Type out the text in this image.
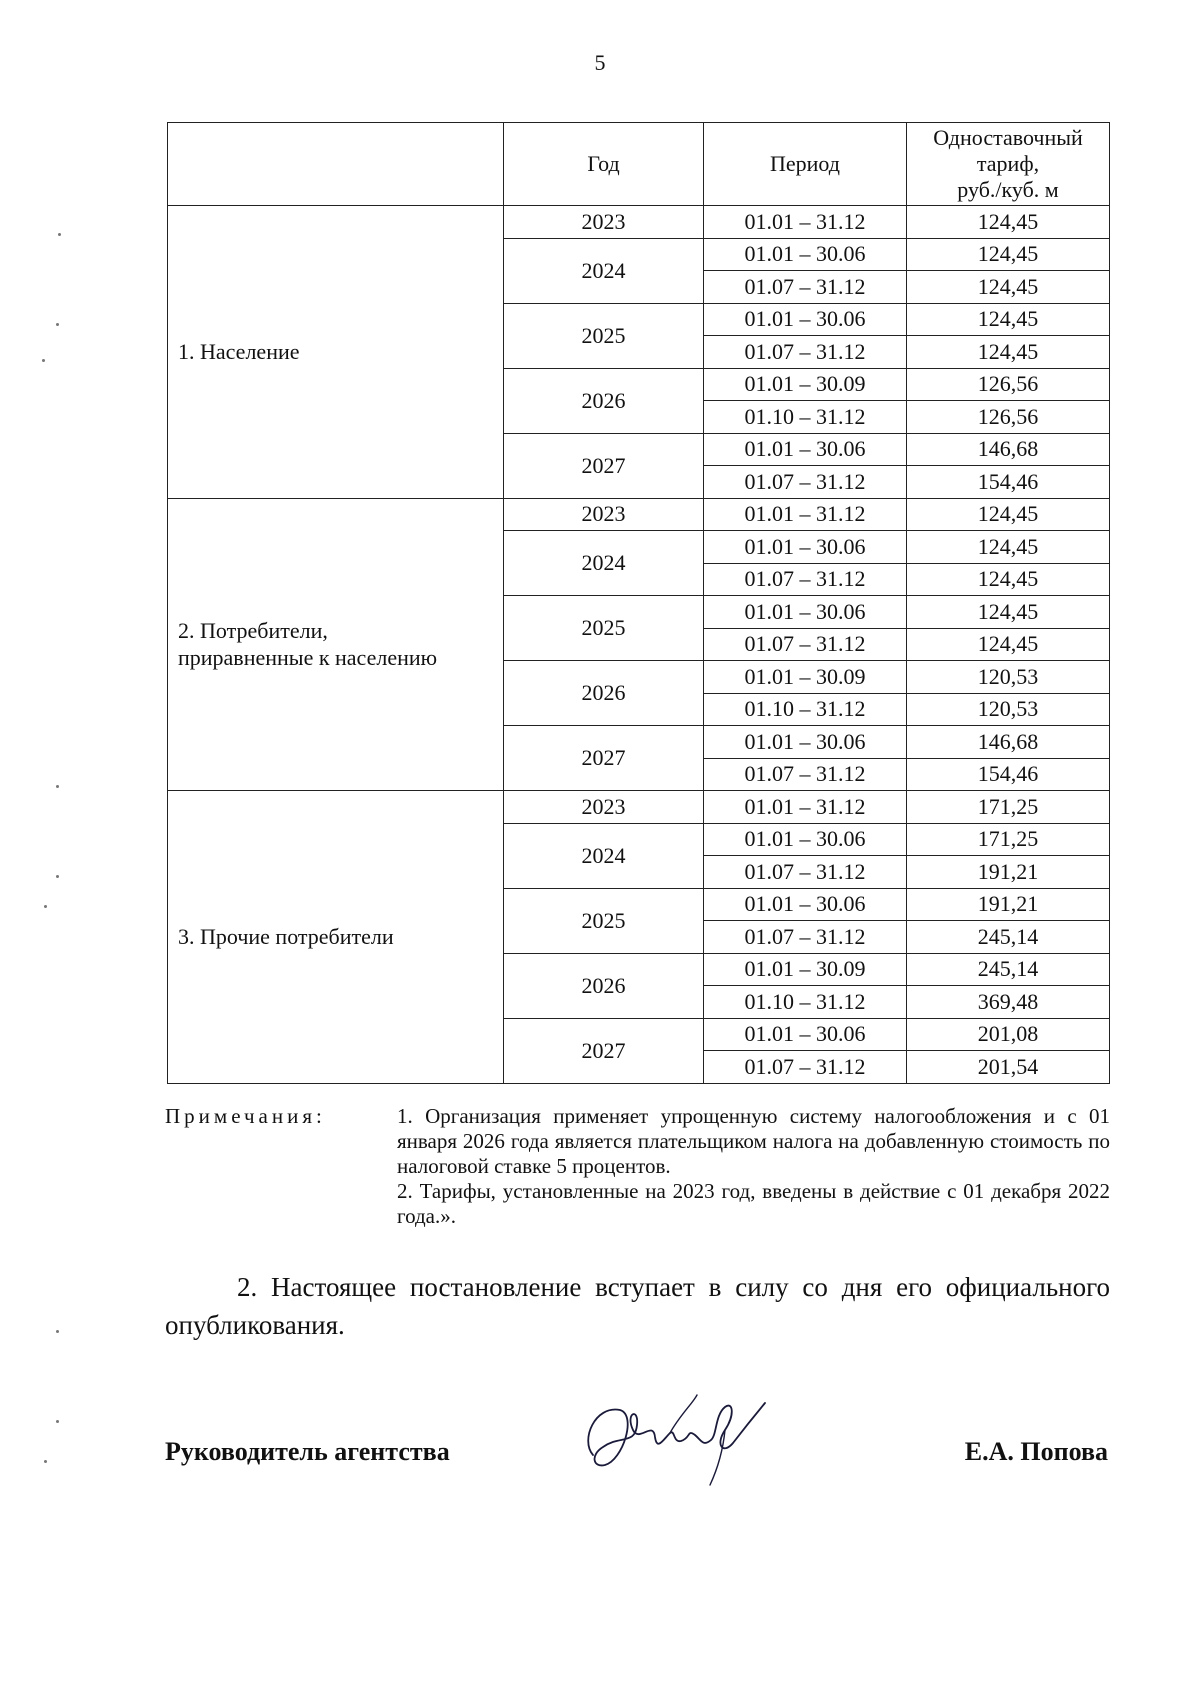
5
	Год	Период	Одноставочный
тариф,
руб./куб. м
1. Население	2023	01.01 – 31.12	124,45
	2024	01.01 – 30.06	124,45
		01.07 – 31.12	124,45
	2025	01.01 – 30.06	124,45
		01.07 – 31.12	124,45
	2026	01.01 – 30.09	126,56
		01.10 – 31.12	126,56
	2027	01.01 – 30.06	146,68
		01.07 – 31.12	154,46
2. Потребители,
приравненные к населению	2023	01.01 – 31.12	124,45
	2024	01.01 – 30.06	124,45
		01.07 – 31.12	124,45
	2025	01.01 – 30.06	124,45
		01.07 – 31.12	124,45
	2026	01.01 – 30.09	120,53
		01.10 – 31.12	120,53
	2027	01.01 – 30.06	146,68
		01.07 – 31.12	154,46
3. Прочие потребители	2023	01.01 – 31.12	171,25
	2024	01.01 – 30.06	171,25
		01.07 – 31.12	191,21
	2025	01.01 – 30.06	191,21
		01.07 – 31.12	245,14
	2026	01.01 – 30.09	245,14
		01.10 – 31.12	369,48
	2027	01.01 – 30.06	201,08
		01.07 – 31.12	201,54
Примечания:	1. Организация применяет упрощенную систему налогообложения и с 01 января 2026 года является плательщиком налога на добавленную стоимость по налоговой ставке 5 процентов.

2. Тарифы, установленные на 2023 год, введены в действие с 01 декабря 2022 года.».

2. Настоящее постановление вступает в силу со дня его официального опубликования.
Руководитель агентства	Е.А. Попова
